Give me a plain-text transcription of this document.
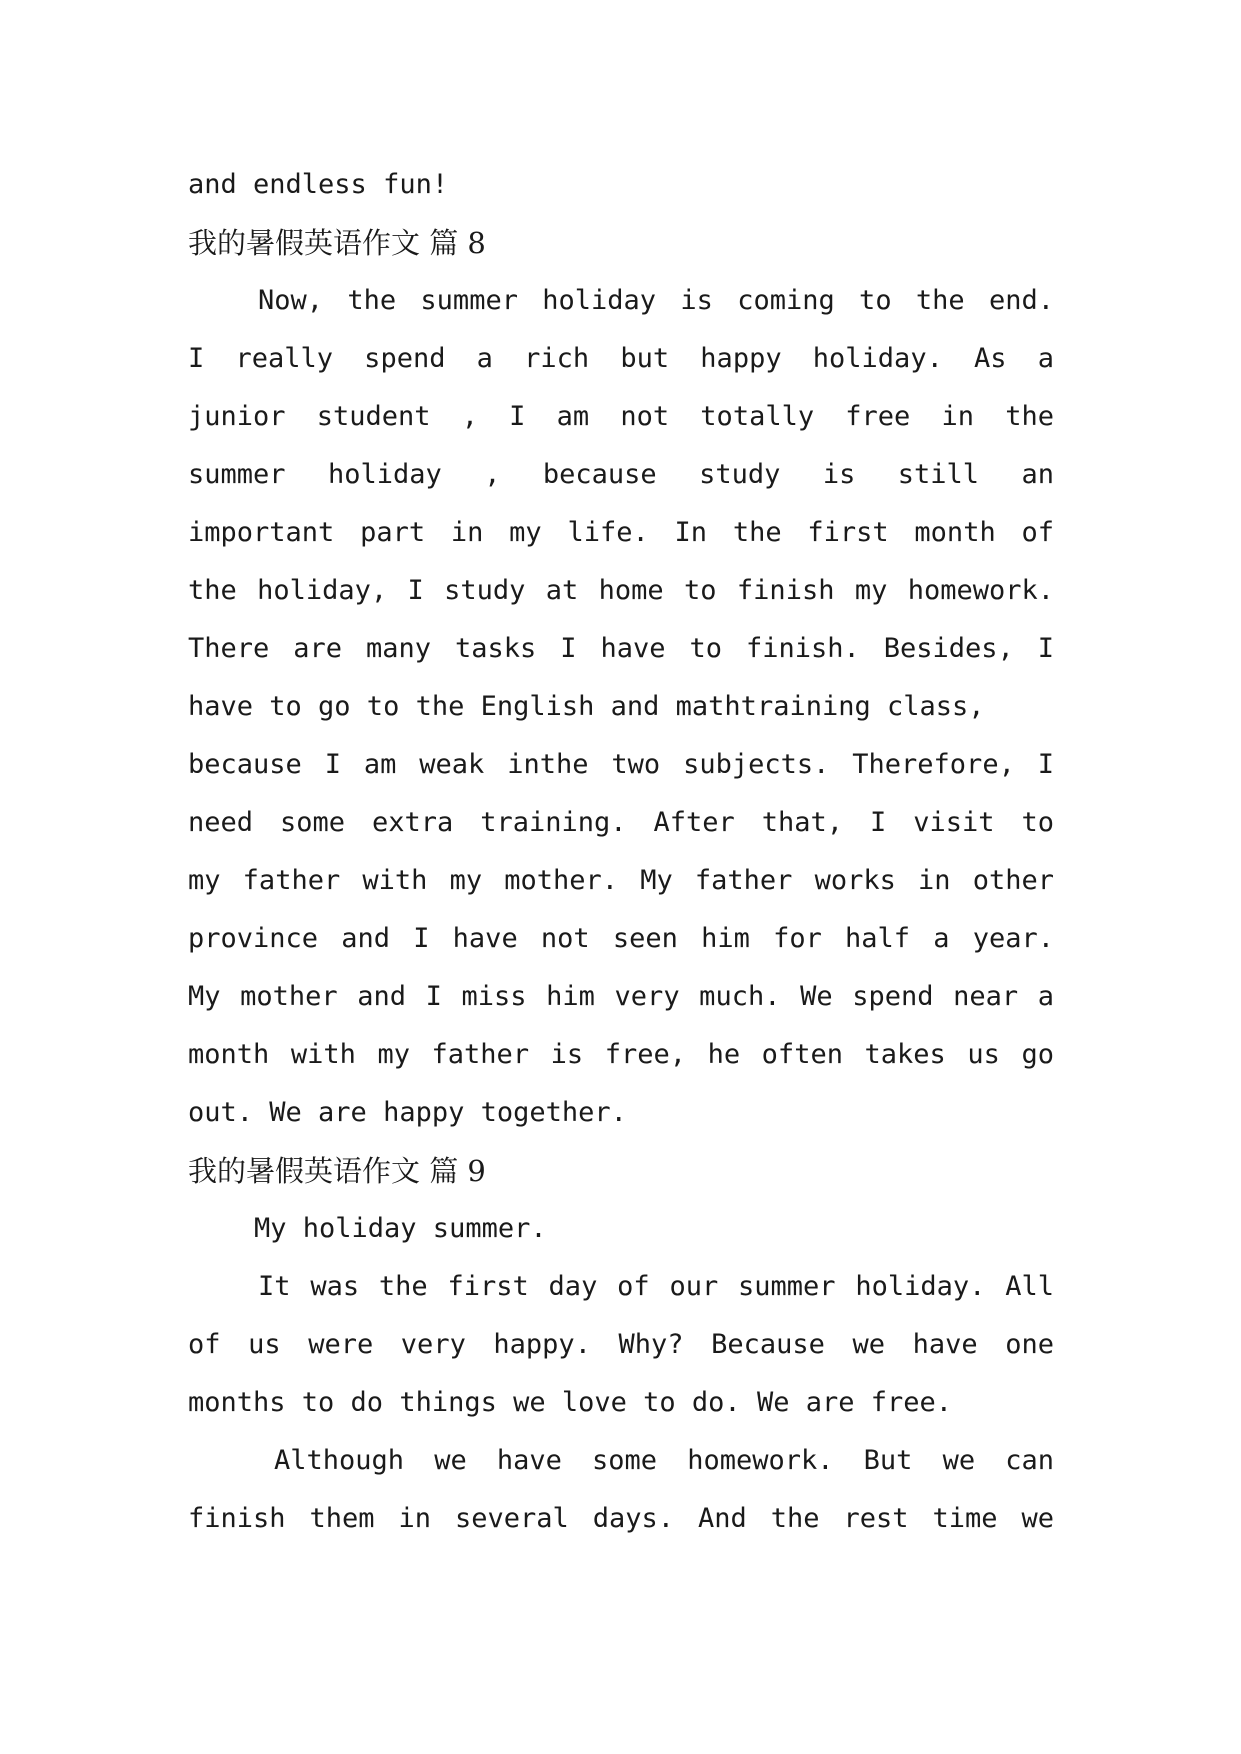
and endless fun!
我的暑假英语作文 篇 8
Now, the summer holiday is coming to the end.
I really spend a rich but happy holiday. As a
junior student , I am not totally free in the
summer holiday , because study is still an
important part in my life. In the first month of
the holiday, I study at home to finish my homework.
There are many tasks I have to finish. Besides, I
have to go to the English and mathtraining class,
because I am weak inthe two subjects. Therefore, I
need some extra training. After that, I visit to
my father with my mother. My father works in other
province and I have not seen him for half a year.
My mother and I miss him very much. We spend near a
month with my father is free, he often takes us go
out. We are happy together.
我的暑假英语作文 篇 9
My holiday summer.
It was the first day of our summer holiday. All
of us were very happy. Why? Because we have one
months to do things we love to do. We are free.
Although we have some homework. But we can
finish them in several days. And the rest time we
